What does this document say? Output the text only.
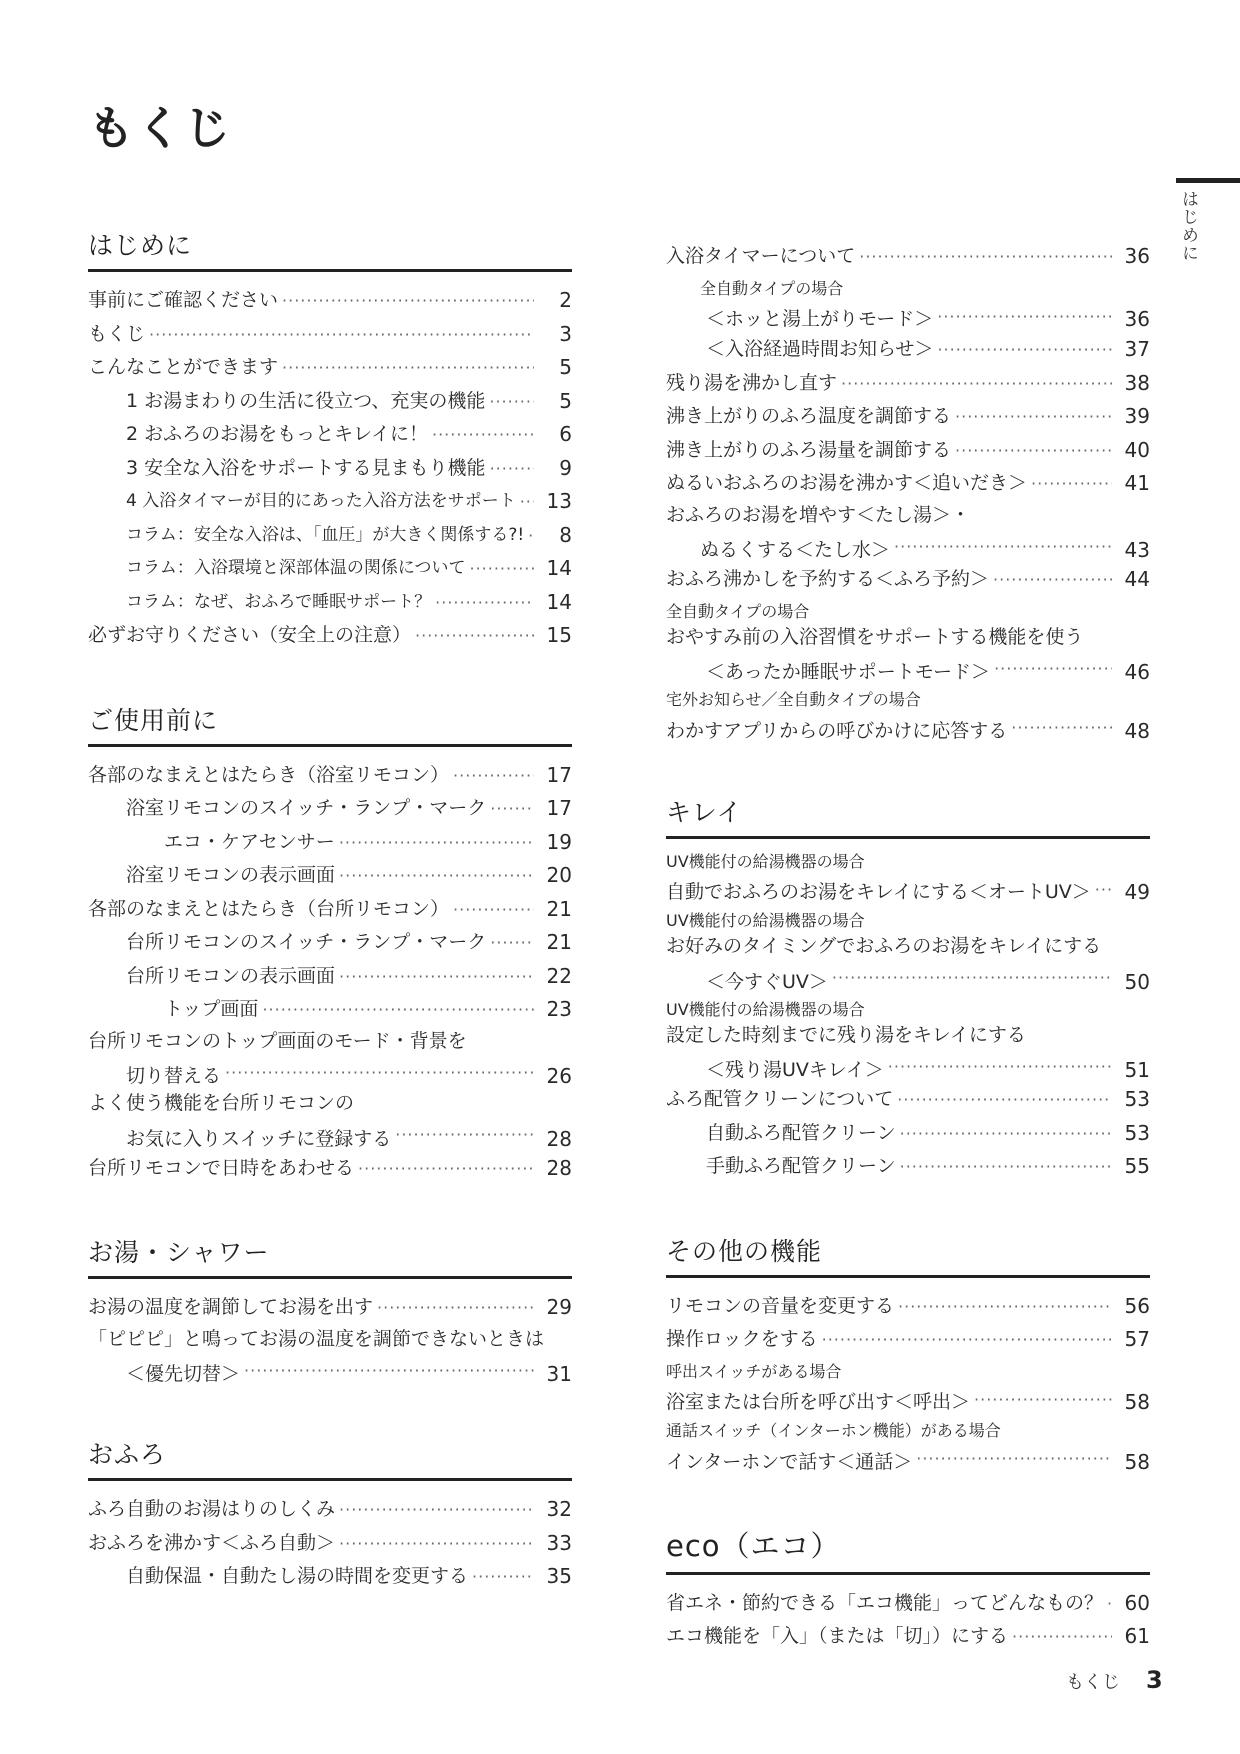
もくじ
はじめに
はじめに
事前にご確認ください ·····	2
もくじ ·····	3
こんなことができます ·····	5
1 お湯まわりの生活に役立つ、充実の機能 ·····	5
2 おふろのお湯をもっとキレイに！ ·····	6
3 安全な入浴をサポートする見まもり機能 ·····	9
4 入浴タイマーが目的にあった入浴方法をサポート ·····	13
コラム：安全な入浴は、「血圧」が大きく関係する?! ·····	8
コラム：入浴環境と深部体温の関係について ·····	14
コラム：なぜ、おふろで睡眠サポート？ ·····	14
必ずお守りください（安全上の注意） ·····	15
ご使用前に
各部のなまえとはたらき（浴室リモコン） ·····	17
浴室リモコンのスイッチ・ランプ・マーク ·····	17
エコ・ケアセンサー ·····	19
浴室リモコンの表示画面 ·····	20
各部のなまえとはたらき（台所リモコン） ·····	21
台所リモコンのスイッチ・ランプ・マーク ·····	21
台所リモコンの表示画面 ·····	22
トップ画面 ·····	23
台所リモコンのトップ画面のモード・背景を
切り替える ·····	26
よく使う機能を台所リモコンの
お気に入りスイッチに登録する ·····	28
台所リモコンで日時をあわせる ·····	28
お湯・シャワー
お湯の温度を調節してお湯を出す ·····	29
「ピピピ」と鳴ってお湯の温度を調節できないときは
＜優先切替＞ ·····	31
おふろ
ふろ自動のお湯はりのしくみ ·····	32
おふろを沸かす＜ふろ自動＞ ·····	33
自動保温・自動たし湯の時間を変更する ·····	35
入浴タイマーについて ·····	36
全自動タイプの場合
＜ホッと湯上がりモード＞ ·····	36
＜入浴経過時間お知らせ＞ ·····	37
残り湯を沸かし直す ·····	38
沸き上がりのふろ温度を調節する ·····	39
沸き上がりのふろ湯量を調節する ·····	40
ぬるいおふろのお湯を沸かす＜追いだき＞ ·····	41
おふろのお湯を増やす＜たし湯＞・
ぬるくする＜たし水＞ ·····	43
おふろ沸かしを予約する＜ふろ予約＞ ·····	44
全自動タイプの場合
おやすみ前の入浴習慣をサポートする機能を使う
＜あったか睡眠サポートモード＞ ·····	46
宅外お知らせ／全自動タイプの場合
わかすアプリからの呼びかけに応答する ·····	48
キレイ
UV機能付の給湯機器の場合
自動でおふろのお湯をキレイにする＜オートUV＞ ·····	49
UV機能付の給湯機器の場合
お好みのタイミングでおふろのお湯をキレイにする
＜今すぐUV＞ ·····	50
UV機能付の給湯機器の場合
設定した時刻までに残り湯をキレイにする
＜残り湯UVキレイ＞ ·····	51
ふろ配管クリーンについて ·····	53
自動ふろ配管クリーン ·····	53
手動ふろ配管クリーン ·····	55
その他の機能
リモコンの音量を変更する ·····	56
操作ロックをする ·····	57
呼出スイッチがある場合
浴室または台所を呼び出す＜呼出＞ ·····	58
通話スイッチ（インターホン機能）がある場合
インターホンで話す＜通話＞ ·····	58
eco（エコ）
省エネ・節約できる「エコ機能」ってどんなもの？ ·····	60
エコ機能を「入」（または「切」）にする ·····	61
もくじ 3
